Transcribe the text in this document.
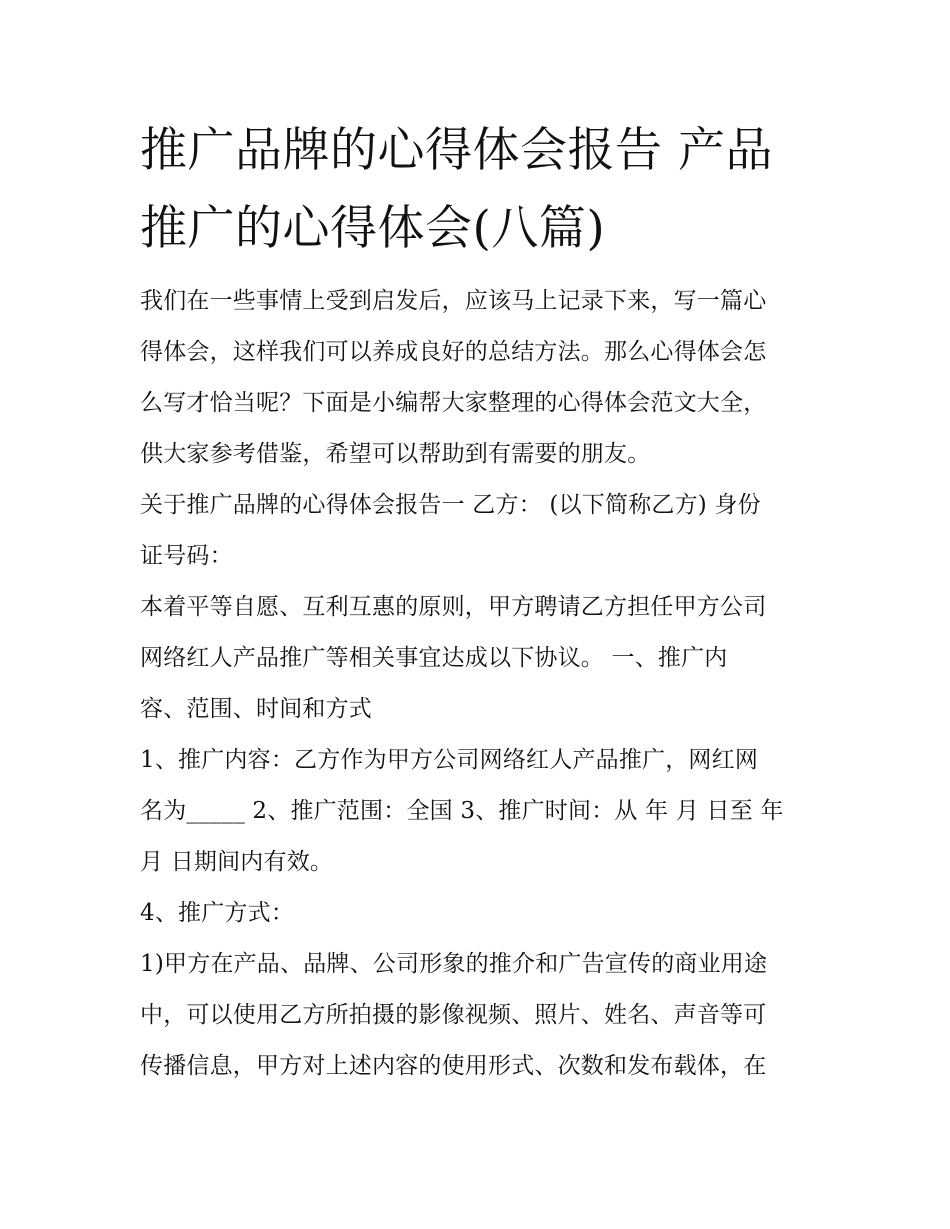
推广品牌的心得体会报告 产品
推广的心得体会(八篇)
我们在一些事情上受到启发后，应该马上记录下来，写一篇心
得体会，这样我们可以养成良好的总结方法。那么心得体会怎
么写才恰当呢？下面是小编帮大家整理的心得体会范文大全，
供大家参考借鉴，希望可以帮助到有需要的朋友。
关于推广品牌的心得体会报告一 乙方： (以下简称乙方) 身份
证号码：
本着平等自愿、互利互惠的原则，甲方聘请乙方担任甲方公司
网络红人产品推广等相关事宜达成以下协议。 一、推广内
容、范围、时间和方式
1、推广内容：乙方作为甲方公司网络红人产品推广，网红网
名为_____ 2、推广范围：全国 3、推广时间：从 年 月 日至 年
月 日期间内有效。
4、推广方式：
1)甲方在产品、品牌、公司形象的推介和广告宣传的商业用途
中，可以使用乙方所拍摄的影像视频、照片、姓名、声音等可
传播信息，甲方对上述内容的使用形式、次数和发布载体，在
